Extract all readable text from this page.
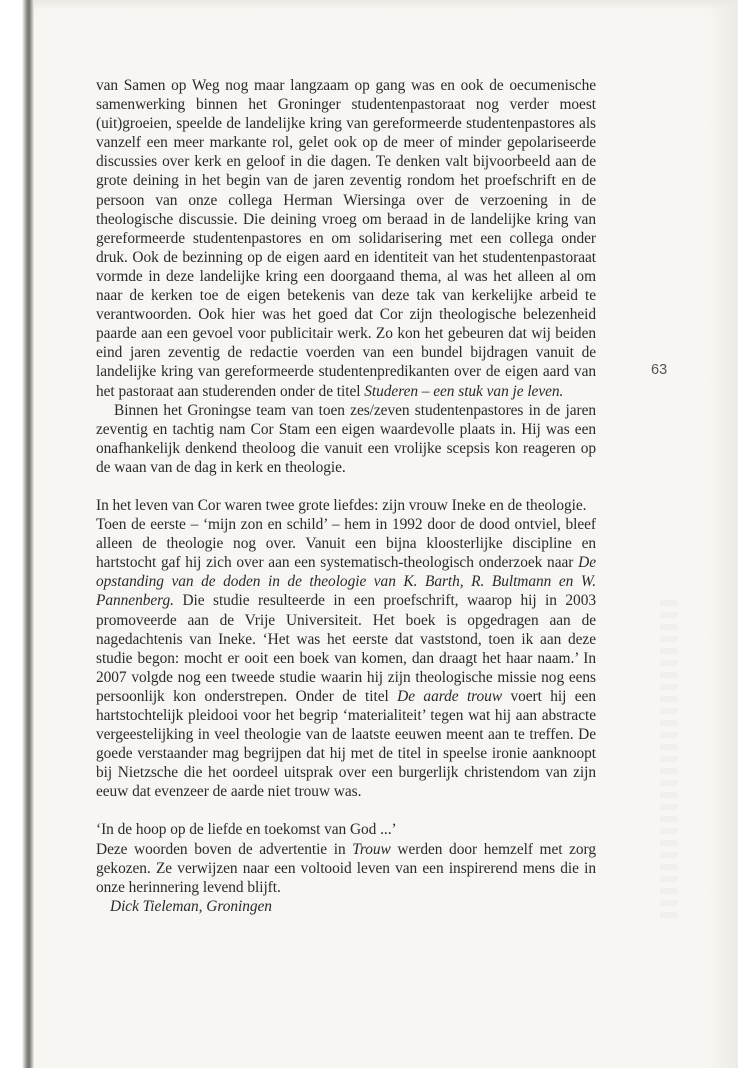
63

van Samen op Weg nog maar langzaam op gang was en ook de oecumenische samenwerking binnen het Groninger studentenpastoraat nog verder moest (uit)groeien, speelde de landelijke kring van gereformeerde studentenpastores als vanzelf een meer markante rol, gelet ook op de meer of minder gepolariseerde discussies over kerk en geloof in die dagen. Te denken valt bijvoorbeeld aan de grote deining in het begin van de jaren zeventig rondom het proefschrift en de persoon van onze collega Herman Wiersinga over de verzoening in de theologische discussie. Die deining vroeg om beraad in de landelijke kring van gereformeerde studentenpastores en om solidarisering met een collega onder druk. Ook de bezinning op de eigen aard en identiteit van het studentenpastoraat vormde in deze landelijke kring een doorgaand thema, al was het alleen al om naar de kerken toe de eigen betekenis van deze tak van kerkelijke arbeid te verantwoorden. Ook hier was het goed dat Cor zijn theologische belezenheid paarde aan een gevoel voor publicitair werk. Zo kon het gebeuren dat wij beiden eind jaren zeventig de redactie voerden van een bundel bijdragen vanuit de landelijke kring van gereformeerde studentenpredikanten over de eigen aard van het pastoraat aan studerenden onder de titel Studeren – een stuk van je leven.

Binnen het Groningse team van toen zes/zeven studentenpastores in de jaren zeventig en tachtig nam Cor Stam een eigen waardevolle plaats in. Hij was een onafhankelijk denkend theoloog die vanuit een vrolijke scepsis kon reageren op de waan van de dag in kerk en theologie.

In het leven van Cor waren twee grote liefdes: zijn vrouw Ineke en de theologie.

Toen de eerste – ‘mijn zon en schild’ – hem in 1992 door de dood ontviel, bleef alleen de theologie nog over. Vanuit een bijna kloosterlijke discipline en hartstocht gaf hij zich over aan een systematisch-theologisch onderzoek naar De opstanding van de doden in de theologie van K. Barth, R. Bultmann en W. Pannenberg. Die studie resulteerde in een proefschrift, waarop hij in 2003 promoveerde aan de Vrije Universiteit. Het boek is opgedragen aan de nagedachtenis van Ineke. ‘Het was het eerste dat vaststond, toen ik aan deze studie begon: mocht er ooit een boek van komen, dan draagt het haar naam.’ In 2007 volgde nog een tweede studie waarin hij zijn theologische missie nog eens persoonlijk kon onderstrepen. Onder de titel De aarde trouw voert hij een hartstochtelijk pleidooi voor het begrip ‘materialiteit’ tegen wat hij aan abstracte vergeestelijking in veel theologie van de laatste eeuwen meent aan te treffen. De goede verstaander mag begrijpen dat hij met de titel in speelse ironie aanknoopt bij Nietzsche die het oordeel uitsprak over een burgerlijk christendom van zijn eeuw dat evenzeer de aarde niet trouw was.

‘In de hoop op de liefde en toekomst van God ...’

Deze woorden boven de advertentie in Trouw werden door hemzelf met zorg gekozen. Ze verwijzen naar een voltooid leven van een inspirerend mens die in onze herinnering levend blijft.

Dick Tieleman, Groningen
